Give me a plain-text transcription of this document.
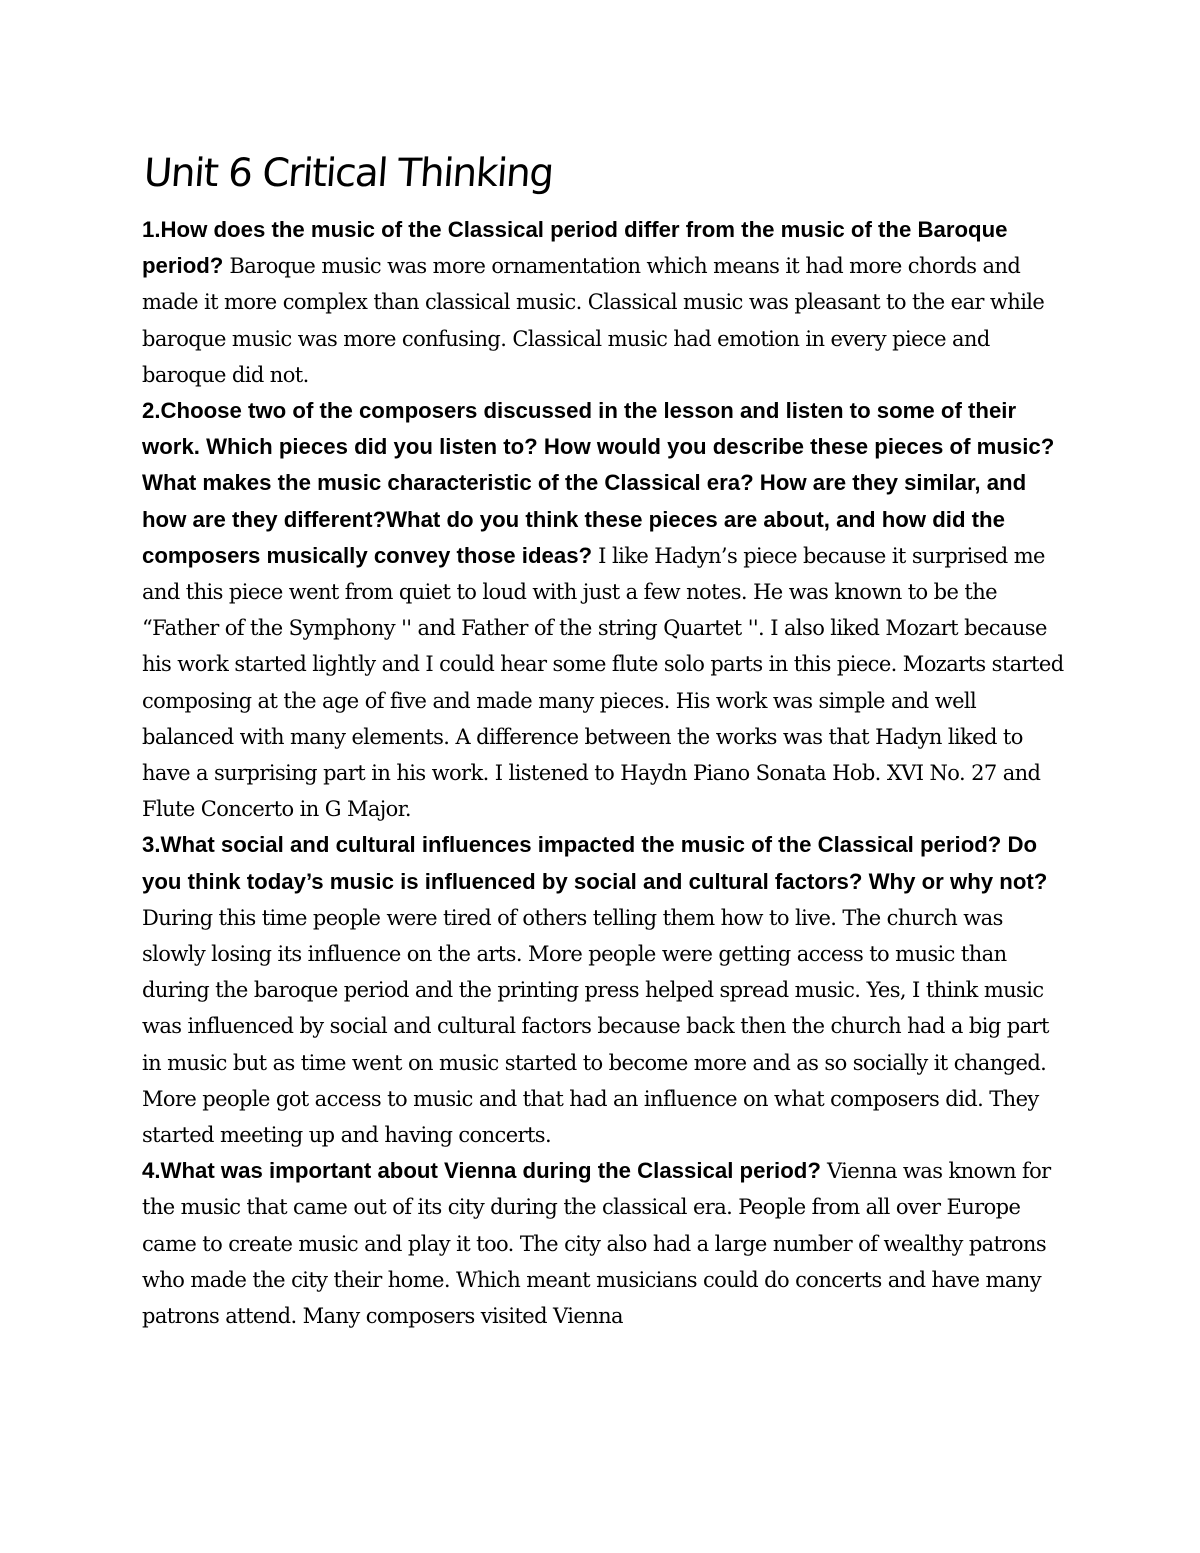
Unit 6 Critical Thinking

1.How does the music of the Classical period differ from the music of the Baroque period? Baroque music was more ornamentation which means it had more chords and made it more complex than classical music. Classical music was pleasant to the ear while baroque music was more confusing. Classical music had emotion in every piece and baroque did not.

2.Choose two of the composers discussed in the lesson and listen to some of their work. Which pieces did you listen to? How would you describe these pieces of music? What makes the music characteristic of the Classical era? How are they similar, and how are they different?What do you think these pieces are about, and how did the composers musically convey those ideas? I like Hadyn’s piece because it surprised me and this piece went from quiet to loud with just a few notes. He was known to be the “Father of the Symphony '' and Father of the string Quartet ''. I also liked Mozart because his work started lightly and I could hear some flute solo parts in this piece. Mozarts started composing at the age of five and made many pieces. His work was simple and well balanced with many elements. A difference between the works was that Hadyn liked to have a surprising part in his work. I listened to Haydn Piano Sonata Hob. XVI No. 27 and Flute Concerto in G Major.

3.What social and cultural influences impacted the music of the Classical period? Do you think today’s music is influenced by social and cultural factors? Why or why not? During this time people were tired of others telling them how to live. The church was slowly losing its influence on the arts. More people were getting access to music than during the baroque period and the printing press helped spread music. Yes, I think music was influenced by social and cultural factors because back then the church had a big part in music but as time went on music started to become more and as so socially it changed. More people got access to music and that had an influence on what composers did. They started meeting up and having concerts.

4.What was important about Vienna during the Classical period? Vienna was known for the music that came out of its city during the classical era. People from all over Europe came to create music and play it too. The city also had a large number of wealthy patrons who made the city their home. Which meant musicians could do concerts and have many patrons attend. Many composers visited Vienna
